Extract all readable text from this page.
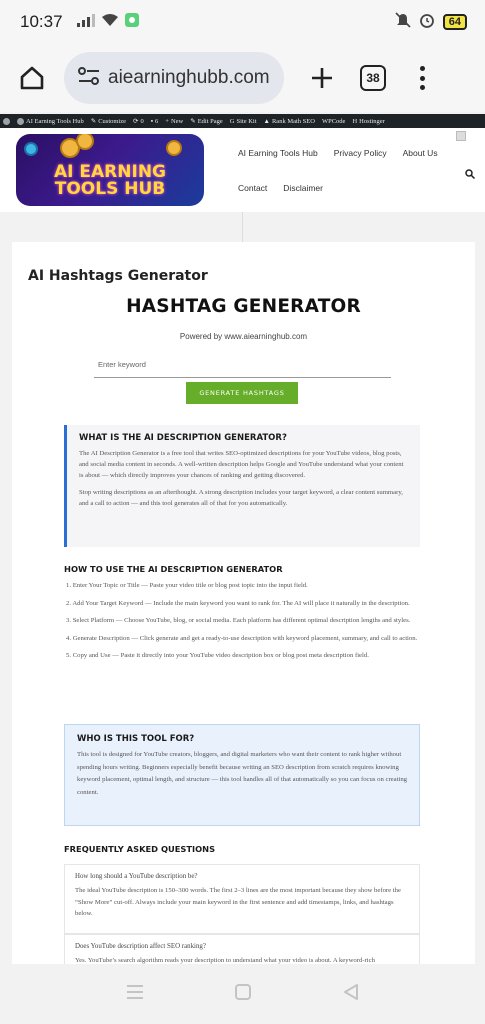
10:37	64
aiearninghubb.com	38
AI Earning Tools Hub ✎ Customize ⟳ 0 ▪ 6 + New ✎ Edit Page G Site Kit ▲ Rank Math SEO WPCode H Hostinger
AI EARNING TOOLS HUB
AI Earning Tools Hub Privacy Policy About Us
Contact Disclaimer
AI Hashtags Generator
HASHTAG GENERATOR
Powered by www.aiearninghub.com
Enter keyword
GENERATE HASHTAGS
WHAT IS THE AI DESCRIPTION GENERATOR?

The AI Description Generator is a free tool that writes SEO-optimized descriptions for your YouTube videos, blog posts, and social media content in seconds. A well-written description helps Google and YouTube understand what your content is about — which directly improves your chances of ranking and getting discovered.

Stop writing descriptions as an afterthought. A strong description includes your target keyword, a clear content summary, and a call to action — and this tool generates all of that for you automatically.

HOW TO USE THE AI DESCRIPTION GENERATOR
1. Enter Your Topic or Title — Paste your video title or blog post topic into the input field.
2. Add Your Target Keyword — Include the main keyword you want to rank for. The AI will place it naturally in the description.
3. Select Platform — Choose YouTube, blog, or social media. Each platform has different optimal description lengths and styles.
4. Generate Description — Click generate and get a ready-to-use description with keyword placement, summary, and call to action.
5. Copy and Use — Paste it directly into your YouTube video description box or blog post meta description field.
WHO IS THIS TOOL FOR?

This tool is designed for YouTube creators, bloggers, and digital marketers who want their content to rank higher without spending hours writing. Beginners especially benefit because writing an SEO description from scratch requires knowing keyword placement, optimal length, and structure — this tool handles all of that automatically so you can focus on creating content.

FREQUENTLY ASKED QUESTIONS
How long should a YouTube description be?

The ideal YouTube description is 150–300 words. The first 2–3 lines are the most important because they show before the “Show More” cut-off. Always include your main keyword in the first sentence and add timestamps, links, and hashtags below.

Does YouTube description affect SEO ranking?

Yes. YouTube’s search algorithm reads your description to understand what your video is about. A keyword-rich
